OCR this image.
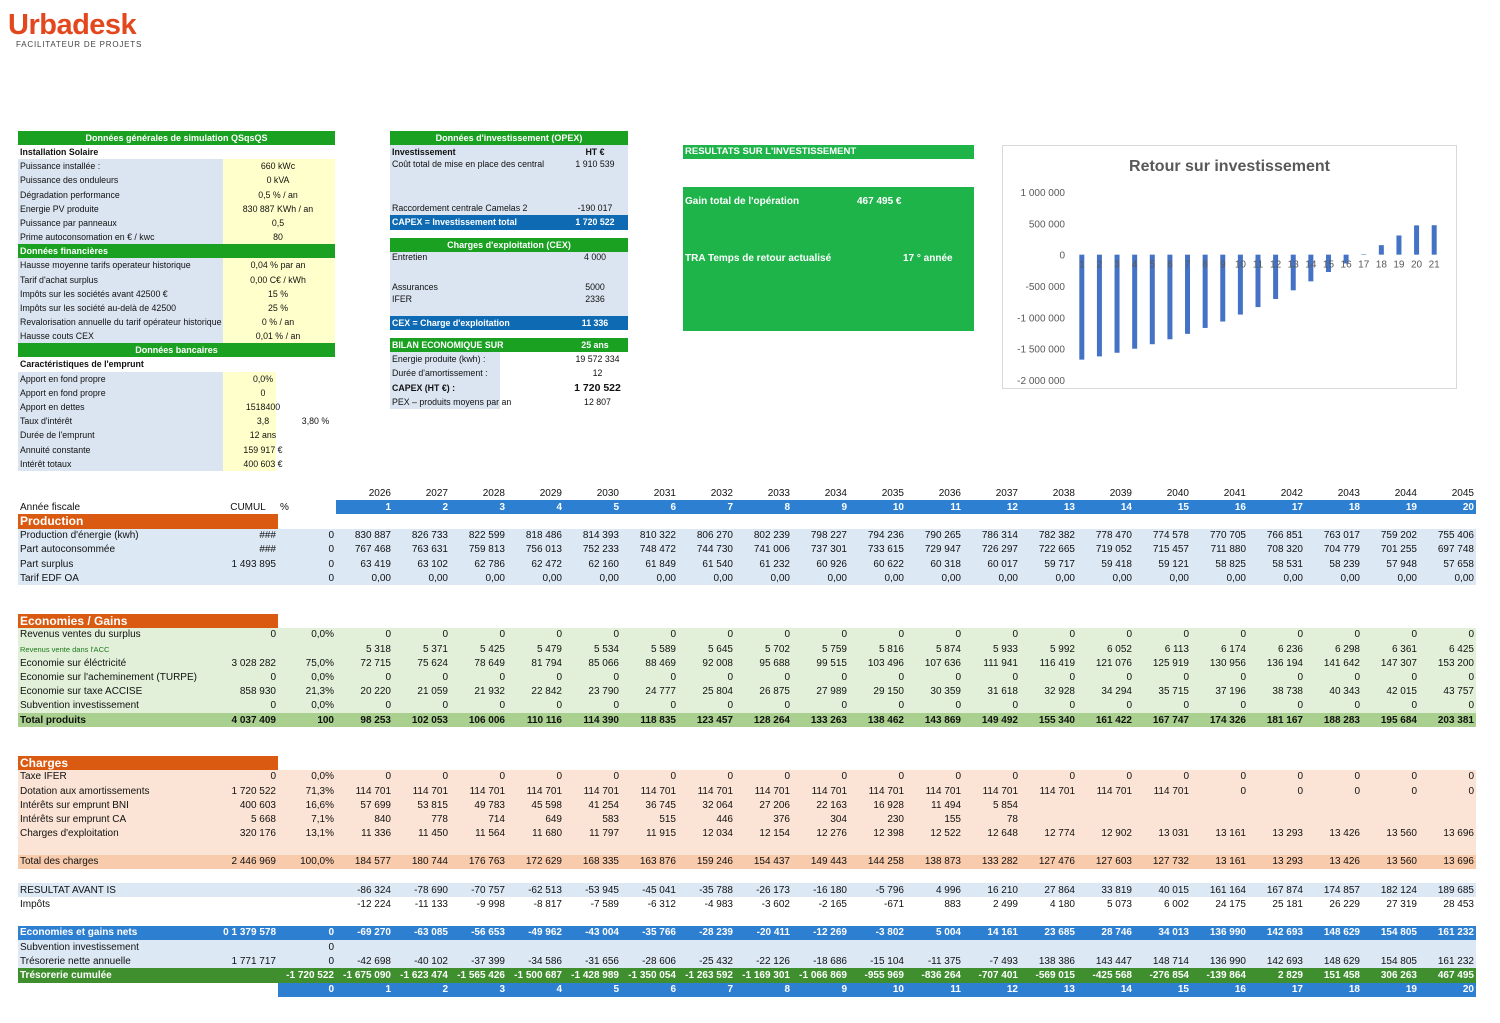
Urbadesk
FACILITATEUR DE PROJETS
Données générales de simulation QSqsQS
Installation Solaire
Puissance installée :	660 kWc
Puissance des onduleurs	0 kVA
Dégradation performance	0,5 % / an
Energie PV produite	830 887 KWh / an
Puissance par panneaux	0,5
Prime autoconsomation en € / kwc	80
Données financières
Hausse moyenne tarifs operateur historique	0,04 % par an
Tarif d'achat surplus	0,00 C€ / kWh
Impôts sur les sociétés avant 42500 €	15 %
Impôts sur les société au-delà de 42500	25 %
Revalorisation annuelle du tarif opérateur historique	0 % / an
Hausse couts CEX	0,01 % / an
Données bancaires
Caractéristiques de l'emprunt
Apport en fond propre	0,0%
Apport en fond propre	0
Apport en dettes	1518400
Taux d'intérêt	3,8	3,80 %
Durée de l'emprunt	12 ans
Annuité constante	159 917 €
Intérêt totaux	400 603 €
Données d'investissement (OPEX)
Investissement	HT €
Coût total de mise en place des central	1 910 539
Raccordement centrale Camelas 2	-190 017
CAPEX = Investissement total	1 720 522
Charges d'exploitation (CEX)
Entretien	4 000
Assurances	5000
IFER	2336
CEX = Charge d'exploitation	11 336
BILAN ECONOMIQUE SUR	25 ans
Energie produite (kwh) :	19 572 334
Durée d'amortissement :	12
CAPEX (HT €) :	1 720 522
PEX – produits moyens par an	12 807
RESULTATS SUR L'INVESTISSEMENT
Gain total de l'opération	467 495 €
TRA Temps de retour actualisé	17 ° année
Retour sur investissement
1 000 000
500 000
0
-500 000
-1 000 000
-1 500 000
-2 000 000
1 2 3 4 5 6 7 8 9 10 11 12 13 14 15 16 17 18 19 20 21
			2026	2027	2028	2029	2030	2031	2032	2033	2034	2035	2036	2037	2038	2039	2040	2041	2042	2043	2044	2045
Année fiscale	CUMUL	%	1	2	3	4	5	6	7	8	9	10	11	12	13	14	15	16	17	18	19	20
Production																						
Production d'énergie (kwh)	###	0	830 887	826 733	822 599	818 486	814 393	810 322	806 270	802 239	798 227	794 236	790 265	786 314	782 382	778 470	774 578	770 705	766 851	763 017	759 202	755 406
Part autoconsommée	###	0	767 468	763 631	759 813	756 013	752 233	748 472	744 730	741 006	737 301	733 615	729 947	726 297	722 665	719 052	715 457	711 880	708 320	704 779	701 255	697 748
Part surplus	1 493 895	0	63 419	63 102	62 786	62 472	62 160	61 849	61 540	61 232	60 926	60 622	60 318	60 017	59 717	59 418	59 121	58 825	58 531	58 239	57 948	57 658
Tarif EDF OA		0	0,00	0,00	0,00	0,00	0,00	0,00	0,00	0,00	0,00	0,00	0,00	0,00	0,00	0,00	0,00	0,00	0,00	0,00	0,00	0,00

Economies / Gains																						
Revenus ventes du surplus	0	0,0%	0	0	0	0	0	0	0	0	0	0	0	0	0	0	0	0	0	0	0	0
Revenus vente dans l'ACC			5 318	5 371	5 425	5 479	5 534	5 589	5 645	5 702	5 759	5 816	5 874	5 933	5 992	6 052	6 113	6 174	6 236	6 298	6 361	6 425
Economie sur éléctricité	3 028 282	75,0%	72 715	75 624	78 649	81 794	85 066	88 469	92 008	95 688	99 515	103 496	107 636	111 941	116 419	121 076	125 919	130 956	136 194	141 642	147 307	153 200
Economie sur l'acheminement (TURPE)	0	0,0%	0	0	0	0	0	0	0	0	0	0	0	0	0	0	0	0	0	0	0	0
Economie sur taxe ACCISE	858 930	21,3%	20 220	21 059	21 932	22 842	23 790	24 777	25 804	26 875	27 989	29 150	30 359	31 618	32 928	34 294	35 715	37 196	38 738	40 343	42 015	43 757
Subvention investissement	0	0,0%	0	0	0	0	0	0	0	0	0	0	0	0	0	0	0	0	0	0	0	0
Total produits	4 037 409	100	98 253	102 053	106 006	110 116	114 390	118 835	123 457	128 264	133 263	138 462	143 869	149 492	155 340	161 422	167 747	174 326	181 167	188 283	195 684	203 381

Charges																						
Taxe IFER	0	0,0%	0	0	0	0	0	0	0	0	0	0	0	0	0	0	0	0	0	0	0	0
Dotation aux amortissements	1 720 522	71,3%	114 701	114 701	114 701	114 701	114 701	114 701	114 701	114 701	114 701	114 701	114 701	114 701	114 701	114 701	114 701	0	0	0	0	0
Intérêts sur emprunt BNI	400 603	16,6%	57 699	53 815	49 783	45 598	41 254	36 745	32 064	27 206	22 163	16 928	11 494	5 854								
Intérêts sur emprunt CA	5 668	7,1%	840	778	714	649	583	515	446	376	304	230	155	78								
Charges d'exploitation	320 176	13,1%	11 336	11 450	11 564	11 680	11 797	11 915	12 034	12 154	12 276	12 398	12 522	12 648	12 774	12 902	13 031	13 161	13 293	13 426	13 560	13 696

Total des charges	2 446 969	100,0%	184 577	180 744	176 763	172 629	168 335	163 876	159 246	154 437	149 443	144 258	138 873	133 282	127 476	127 603	127 732	13 161	13 293	13 426	13 560	13 696

RESULTAT AVANT IS			-86 324	-78 690	-70 757	-62 513	-53 945	-45 041	-35 788	-26 173	-16 180	-5 796	4 996	16 210	27 864	33 819	40 015	161 164	167 874	174 857	182 124	189 685
Impôts			-12 224	-11 133	-9 998	-8 817	-7 589	-6 312	-4 983	-3 602	-2 165	-671	883	2 499	4 180	5 073	6 002	24 175	25 181	26 229	27 319	28 453

Economies et gains nets	0 1 379 578	0	-69 270	-63 085	-56 653	-49 962	-43 004	-35 766	-28 239	-20 411	-12 269	-3 802	5 004	14 161	23 685	28 746	34 013	136 990	142 693	148 629	154 805	161 232
Subvention investissement		0																				
Trésorerie nette annuelle	1 771 717	0	-42 698	-40 102	-37 399	-34 586	-31 656	-28 606	-25 432	-22 126	-18 686	-15 104	-11 375	-7 493	138 386	143 447	148 714	136 990	142 693	148 629	154 805	161 232
Trésorerie cumulée		-1 720 522	-1 675 090	-1 623 474	-1 565 426	-1 500 687	-1 428 989	-1 350 054	-1 263 592	-1 169 301	-1 066 869	-955 969	-836 264	-707 401	-569 015	-425 568	-276 854	-139 864	2 829	151 458	306 263	467 495
		0	1	2	3	4	5	6	7	8	9	10	11	12	13	14	15	16	17	18	19	20
